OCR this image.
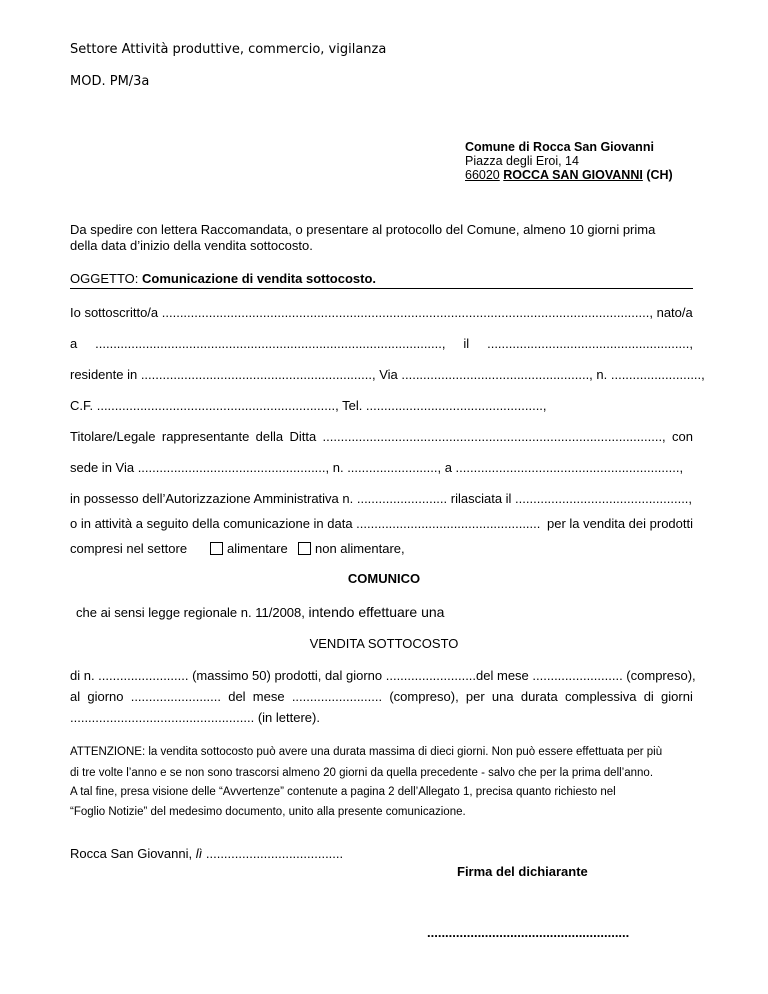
Settore Attività produttive, commercio, vigilanza
MOD. PM/3a
Comune di Rocca San Giovanni
Piazza degli Eroi, 14
66020 ROCCA SAN GIOVANNI (CH)
Da spedire con lettera Raccomandata, o presentare al protocollo del Comune, almeno 10 giorni prima
della data d’inizio della vendita sottocosto.
OGGETTO: Comunicazione di vendita sottocosto.
Io sottoscritto/a ......................................................................................................................................., nato/a
a ................................................................................................, il ........................................................,
residente in ................................................................, Via ...................................................., n. .........................,
C.F. .................................................................., Tel. .................................................,
Titolare/Legale rappresentante della Ditta .............................................................................................., con
sede in Via ...................................................., n. ........................., a ..............................................................,
in possesso dell’Autorizzazione Amministrativa n. ......................... rilasciata il ................................................,
o in attività a seguito della comunicazione in data ................................................... per la vendita dei prodotti
compresi nel settore	alimentare	non alimentare,
COMUNICO
che ai sensi legge regionale n. 11/2008, intendo effettuare una
VENDITA SOTTOCOSTO
di n. ......................... (massimo 50) prodotti, dal giorno ......................... del mese ......................... (compreso),
al giorno ......................... del mese ......................... (compreso), per una durata complessiva di giorni
................................................... (in lettere).
ATTENZIONE: la vendita sottocosto può avere una durata massima di dieci giorni. Non può essere effettuata per più
di tre volte l’anno e se non sono trascorsi almeno 20 giorni da quella precedente - salvo che per la prima dell’anno.
A tal fine, presa visione delle “Avvertenze” contenute a pagina 2 dell’Allegato 1, precisa quanto richiesto nel
“Foglio Notizie” del medesimo documento, unito alla presente comunicazione.
Rocca San Giovanni, lì ......................................
Firma del dichiarante
........................................................
